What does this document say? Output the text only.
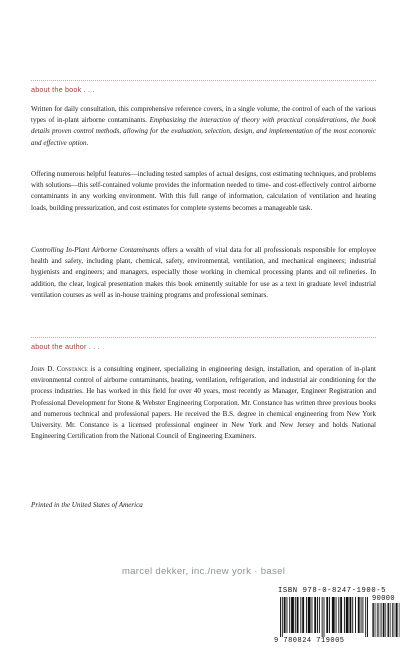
about the book . . .

Written for daily consultation, this comprehensive reference covers, in a single volume, the control of each of the various types of in-plant airborne contaminants. Emphasizing the interaction of theory with practical considerations, the book details proven control methods, allowing for the evaluation, selection, design, and implementation of the most economic and effective option.

Offering numerous helpful features—including tested samples of actual designs, cost estimating techniques, and problems with solutions—this self-contained volume provides the information needed to time- and cost-effectively control airborne contaminants in any working environment. With this full range of information, calculation of ventilation and heating loads, building pressurization, and cost estimates for complete systems becomes a manageable task.

Controlling In-Plant Airborne Contaminants offers a wealth of vital data for all professionals responsible for employee health and safety, including plant, chemical, safety, environmental, ventilation, and mechanical engineers; industrial hygienists and engineers; and managers, especially those working in chemical processing plants and oil refineries. In addition, the clear, logical presentation makes this book eminently suitable for use as a text in graduate level industrial ventilation courses as well as in-house training programs and professional seminars.

about the author . . .

John D. Constance is a consulting engineer, specializing in engineering design, installation, and operation of in-plant environmental control of airborne contaminants, heating, ventilation, refrigeration, and industrial air conditioning for the process industries. He has worked in this field for over 40 years, most recently as Manager, Engineer Registration and Professional Development for Stone & Webster Engineering Corporation. Mr. Constance has written three previous books and numerous technical and professional papers. He received the B.S. degree in chemical engineering from New York University. Mr. Constance is a licensed professional engineer in New York and New Jersey and holds National Engineering Certification from the National Council of Engineering Examiners.

Printed in the United States of America

marcel dekker, inc./new york · basel
ISBN 978-0-8247-1900-5
90000
9 780824 719005
